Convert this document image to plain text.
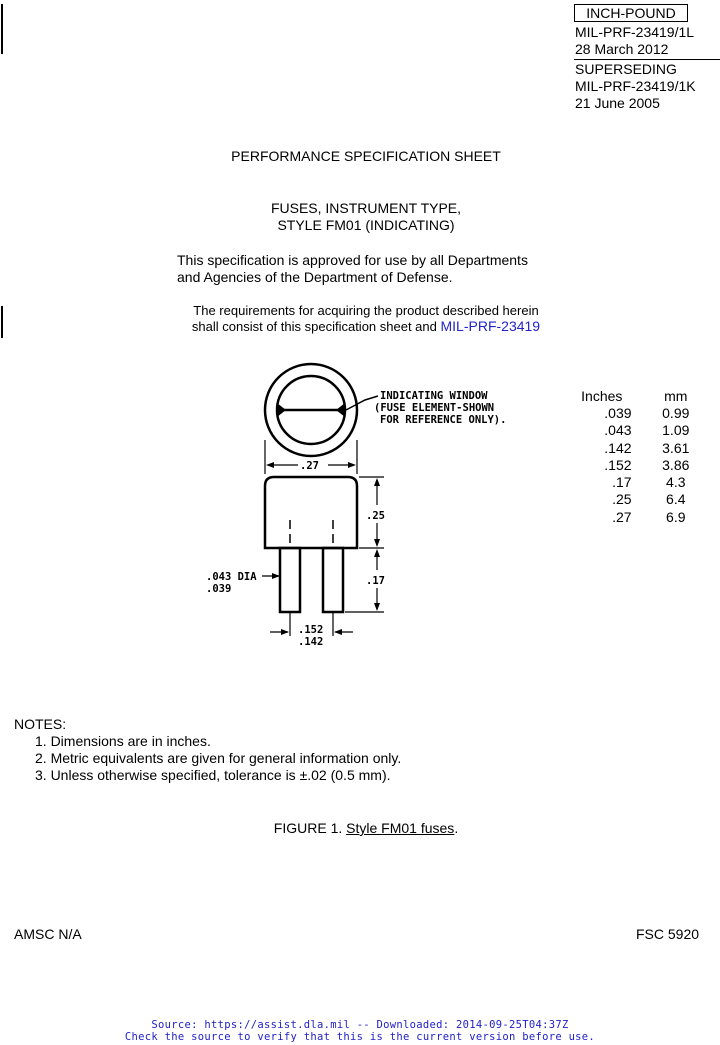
INCH-POUND
MIL-PRF-23419/1L
28 March 2012
SUPERSEDING
MIL-PRF-23419/1K
21 June 2005
PERFORMANCE SPECIFICATION SHEET
FUSES, INSTRUMENT TYPE,
STYLE FM01 (INDICATING)
This specification is approved for use by all Departments
and Agencies of the Department of Defense.
The requirements for acquiring the product described herein
shall consist of this specification sheet and MIL-PRF-23419
INDICATING WINDOW
(FUSE ELEMENT-SHOWN
FOR REFERENCE ONLY).
.27
.25
.17
.043 DIA
.039
.152
.142
Inches	mm
.039	0.99
.043	1.09
.142	3.61
.152	3.86
.17	4.3
.25	6.4
.27	6.9
NOTES:
1. Dimensions are in inches.
2. Metric equivalents are given for general information only.
3. Unless otherwise specified, tolerance is ±.02 (0.5 mm).
FIGURE 1. Style FM01 fuses.
AMSC N/A	FSC 5920
Source: https://assist.dla.mil -- Downloaded: 2014-09-25T04:37Z
Check the source to verify that this is the current version before use.
